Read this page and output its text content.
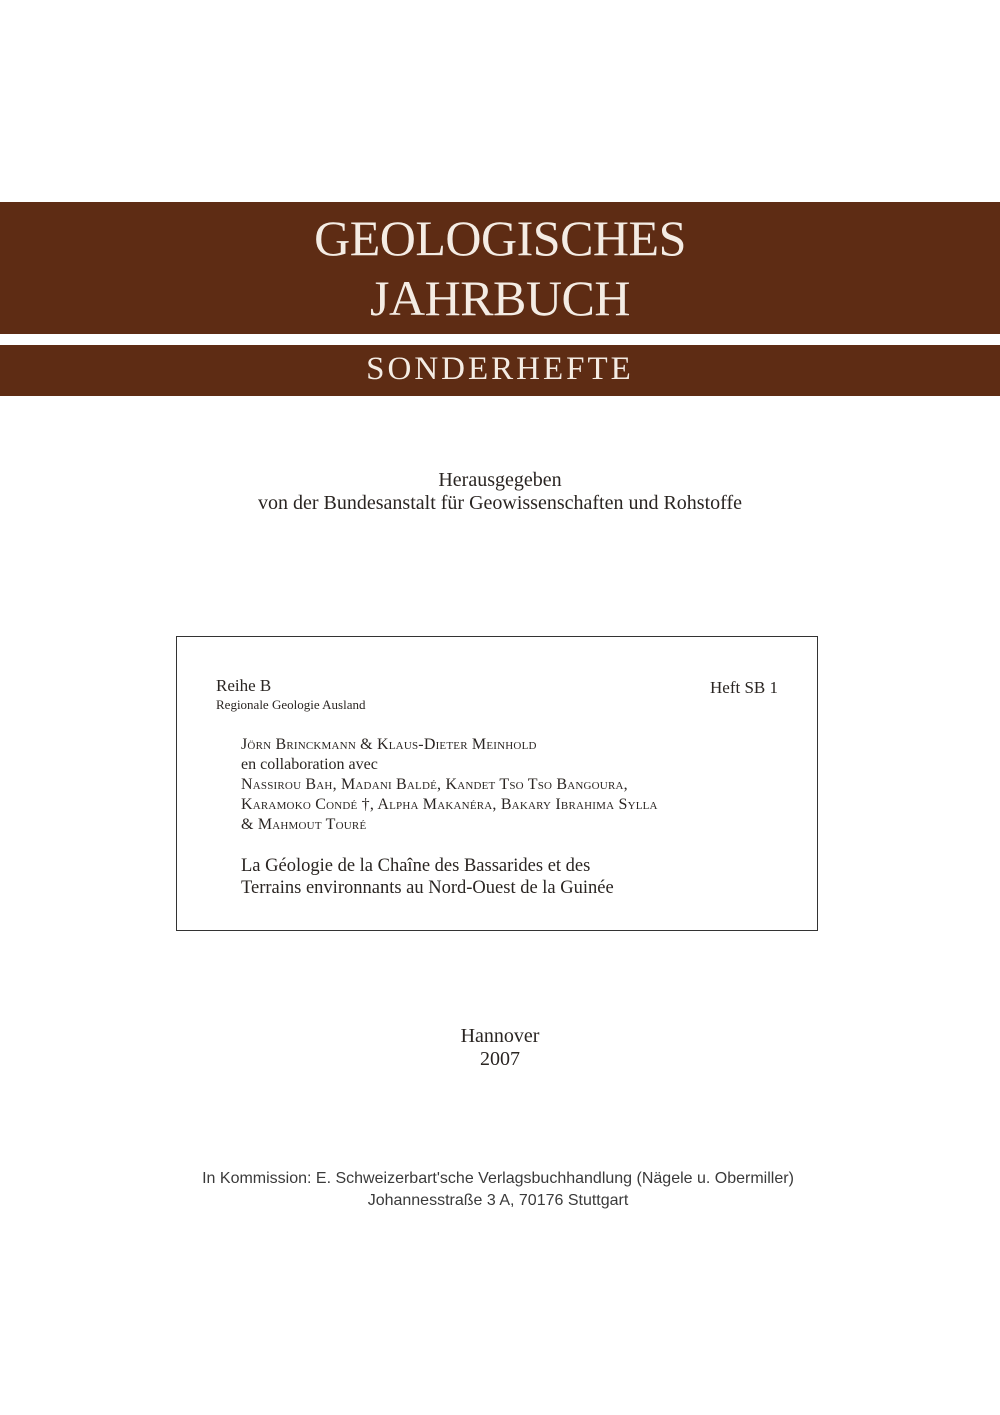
GEOLOGISCHES
JAHRBUCH
SONDERHEFTE
Herausgegeben
von der Bundesanstalt für Geowissenschaften und Rohstoffe
Reihe B
Regionale Geologie Ausland
Heft SB 1
Jörn Brinckmann & Klaus-Dieter Meinhold
en collaboration avec
Nassirou Bah, Madani Baldé, Kandet Tso Tso Bangoura,
Karamoko Condé †, Alpha Makanéra, Bakary Ibrahima Sylla
& Mahmout Touré
La Géologie de la Chaîne des Bassarides et des
Terrains environnants au Nord-Ouest de la Guinée
Hannover
2007
In Kommission: E. Schweizerbart'sche Verlagsbuchhandlung (Nägele u. Obermiller)
Johannesstraße 3 A, 70176 Stuttgart
